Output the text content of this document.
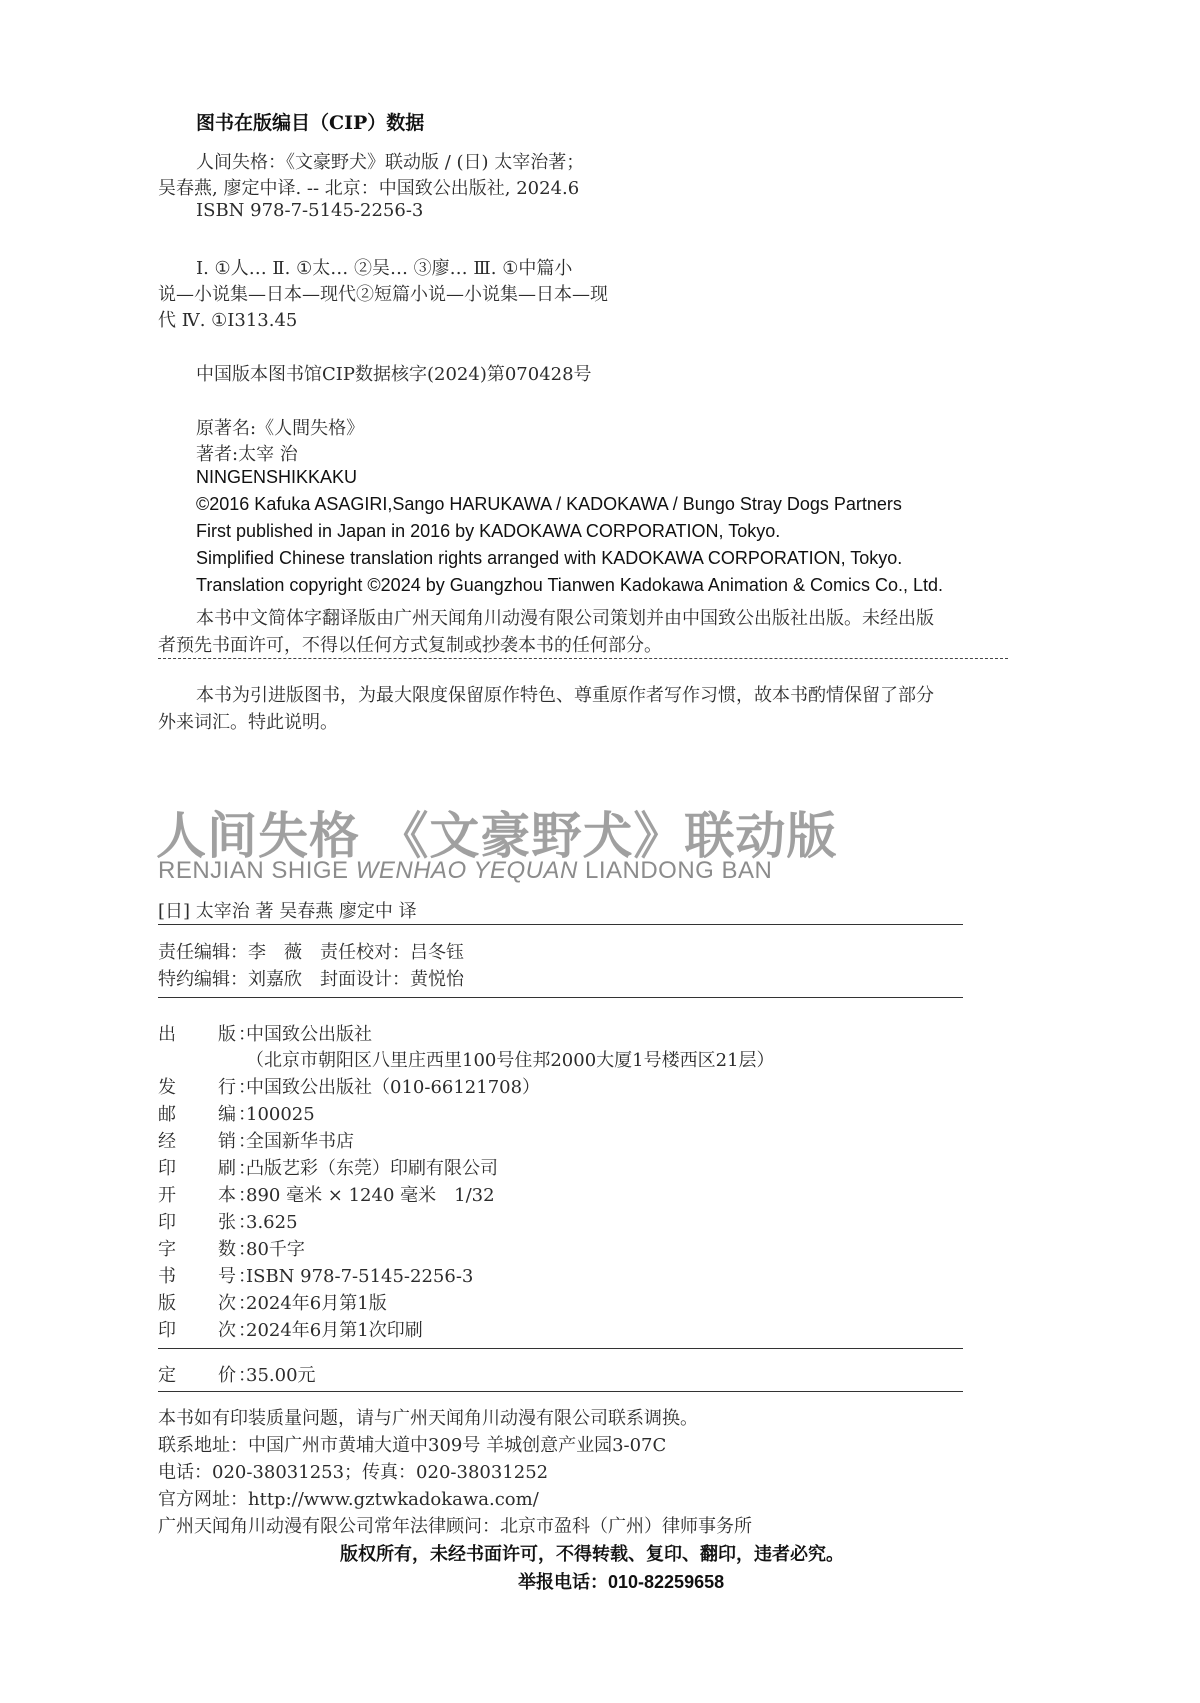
图书在版编目（CIP）数据
人间失格：《文豪野犬》联动版 / (日) 太宰治著；
吴春燕, 廖定中译. -- 北京：中国致公出版社, 2024.6
ISBN 978-7-5145-2256-3
Ⅰ. ①人… Ⅱ. ①太… ②吴… ③廖… Ⅲ. ①中篇小
说—小说集—日本—现代②短篇小说—小说集—日本—现
代 Ⅳ. ①I313.45
中国版本图书馆CIP数据核字(2024)第070428号
原著名:《人間失格》
著者:太宰 治
NINGENSHIKKAKU
©2016 Kafuka ASAGIRI,Sango HARUKAWA / KADOKAWA / Bungo Stray Dogs Partners
First published in Japan in 2016 by KADOKAWA CORPORATION, Tokyo.
Simplified Chinese translation rights arranged with KADOKAWA CORPORATION, Tokyo.
Translation copyright ©2024 by Guangzhou Tianwen Kadokawa Animation & Comics Co., Ltd.
本书中文简体字翻译版由广州天闻角川动漫有限公司策划并由中国致公出版社出版。未经出版
者预先书面许可，不得以任何方式复制或抄袭本书的任何部分。
本书为引进版图书，为最大限度保留原作特色、尊重原作者写作习惯，故本书酌情保留了部分
外来词汇。特此说明。
人间失格 《文豪野犬》联动版
RENJIAN SHIGE WENHAO YEQUAN LIANDONG BAN
[日] 太宰治 著 吴春燕 廖定中 译
责任编辑：李　薇　责任校对：吕冬钰
特约编辑：刘嘉欣　封面设计：黄悦怡
出　　版：中国致公出版社
（北京市朝阳区八里庄西里100号住邦2000大厦1号楼西区21层）
发　　行：中国致公出版社（010-66121708）
邮　　编：100025
经　　销：全国新华书店
印　　刷：凸版艺彩（东莞）印刷有限公司
开　　本：890 毫米 × 1240 毫米　1/32
印　　张：3.625
字　　数：80千字
书　　号：ISBN 978-7-5145-2256-3
版　　次：2024年6月第1版
印　　次：2024年6月第1次印刷
定　　价：35.00元
本书如有印装质量问题，请与广州天闻角川动漫有限公司联系调换。
联系地址：中国广州市黄埔大道中309号 羊城创意产业园3-07C
电话：020-38031253；传真：020-38031252
官方网址：http://www.gztwkadokawa.com/
广州天闻角川动漫有限公司常年法律顾问：北京市盈科（广州）律师事务所
版权所有，未经书面许可，不得转载、复印、翻印，违者必究。
举报电话：010-82259658
